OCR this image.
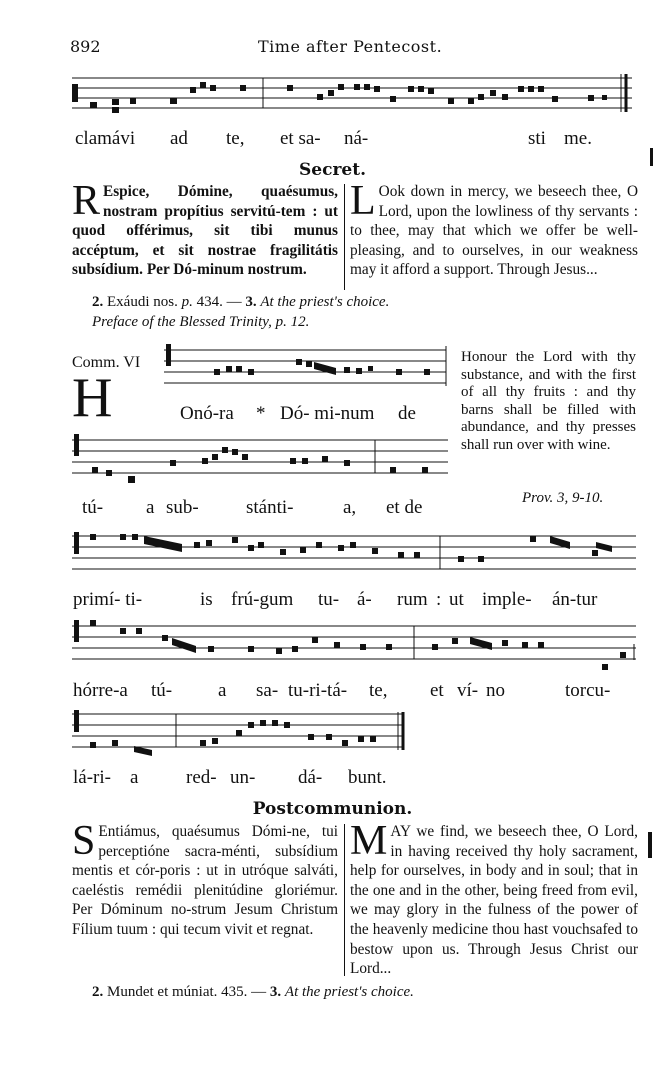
892	Time after Pentecost.
clamávi ad te, et sa- ná-	sti me.
Secret.
R Espice, Dómine, quaésumus, nostram propítius servitú-tem : ut quod offérimus, sit tibi munus accéptum, et sit nostrae fragilitátis subsídium. Per Dó-minum nostrum.
L Ook down in mercy, we beseech thee, O Lord, upon the lowliness of thy servants : to thee, may that which we offer be well-pleasing, and to ourselves, in our weakness may it afford a support. Through Jesus...
2. Exáudi nos. p. 434. — 3. At the priest's choice.
Preface of the Blessed Trinity, p. 12.
Comm. VI
H	Onó-ra * Dó- mi-num de
Honour the Lord with thy substance, and with the first of all thy fruits : and thy barns shall be filled with abundance, and thy presses shall run over with wine.
Prov. 3, 9-10.
tú- a sub- stánti-	a, et de
primí- ti-	is frú-gum tu- á- rum : ut imple- án-tur
hórre-a tú- a sa- tu-ri-tá- te, et ví- no	torcu-
lá-ri- a	red- un- dá- bunt.
Postcommunion.
S Entiámus, quaésumus Dómi-ne, tui perceptióne sacra-ménti, subsídium mentis et cór-poris : ut in utróque salváti, caeléstis remédii plenitúdine gloriémur. Per Dóminum no-strum Jesum Christum Fílium tuum : qui tecum vivit et regnat.
MAY we find, we beseech thee, O Lord, in having received thy holy sacrament, help for ourselves, in body and in soul; that in the one and in the other, being freed from evil, we may glory in the fulness of the power of the heavenly medicine thou hast vouchsafed to bestow upon us. Through Jesus Christ our Lord...
2. Mundet et múniat. 435. — 3. At the priest's choice.
